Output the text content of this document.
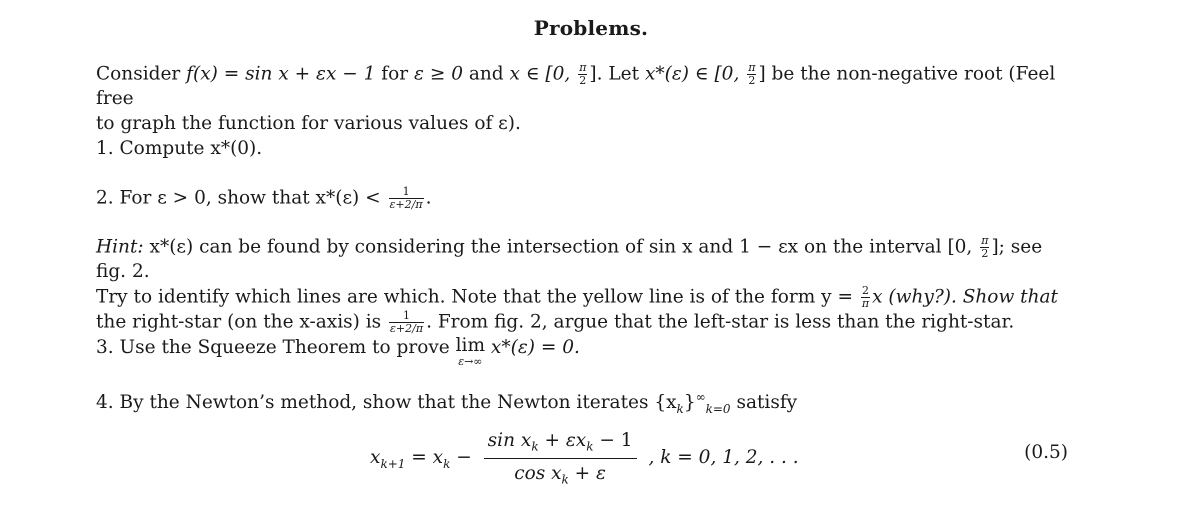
Problems.
Consider f(x) = sin x + εx − 1 for ε ≥ 0 and x ∈ [0, $\frac{\pi}{2}$ ]. Let x*(ε) ∈ [0, $\frac{\pi}{2}$ ] be the non-negative root (Feel free
to graph the function for various values of ε).
1. Compute x*(0).
2. For ε > 0, show that $x*(\varepsilon) < \frac{1}{\varepsilon+2/\pi}$ .
Hint: x*(ε) can be found by considering the intersection of sin x and 1 − εx on the interval [0, $\frac{\pi}{2}$ ]; see fig. 2.
Try to identify which lines are which. Note that the yellow line is of the form $y = \frac{2}{\pi}$ x (why?). Show that
the right-star (on the x-axis) is $\frac{1}{\varepsilon+2/\pi}$ . From fig. 2, argue that the left-star is less than the right-star.
3. Use the Squeeze Theorem to prove lim
ε→∞
x*(ε) = 0.
4. By the Newton’s method, show that the Newton iterates $\{x_k\}^\infty_{k=0}$ satisfy
$x_{k+1} = x_k - \frac{\sin x_k + \varepsilon x_k - 1}{\cos x_k + \varepsilon}$ , k = 0, 1, 2, . . .	(0.5)
